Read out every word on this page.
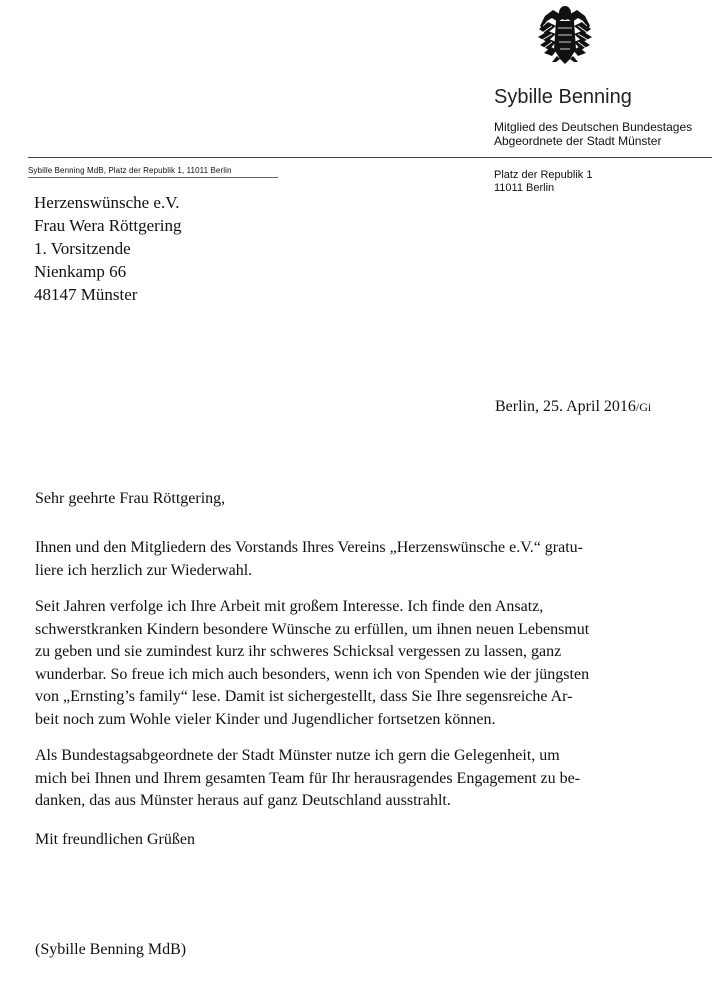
Sybille Benning
Mitglied des Deutschen Bundestages
Abgeordnete der Stadt Münster
Sybille Benning MdB, Platz der Republik 1, 11011 Berlin	Platz der Republik 1
11011 Berlin
Herzenswünsche e.V.
Frau Wera Röttgering
1. Vorsitzende
Nienkamp 66
48147 Münster
Berlin, 25. April 2016/Gi
Sehr geehrte Frau Röttgering,
Ihnen und den Mitgliedern des Vorstands Ihres Vereins „Herzenswünsche e.V.“ gratu-
liere ich herzlich zur Wiederwahl.
Seit Jahren verfolge ich Ihre Arbeit mit großem Interesse. Ich finde den Ansatz,
schwerstkranken Kindern besondere Wünsche zu erfüllen, um ihnen neuen Lebensmut
zu geben und sie zumindest kurz ihr schweres Schicksal vergessen zu lassen, ganz
wunderbar. So freue ich mich auch besonders, wenn ich von Spenden wie der jüngsten
von „Ernsting’s family“ lese. Damit ist sichergestellt, dass Sie Ihre segensreiche Ar-
beit noch zum Wohle vieler Kinder und Jugendlicher fortsetzen können.
Als Bundestagsabgeordnete der Stadt Münster nutze ich gern die Gelegenheit, um
mich bei Ihnen und Ihrem gesamten Team für Ihr herausragendes Engagement zu be-
danken, das aus Münster heraus auf ganz Deutschland ausstrahlt.
Mit freundlichen Grüßen
(Sybille Benning MdB)
